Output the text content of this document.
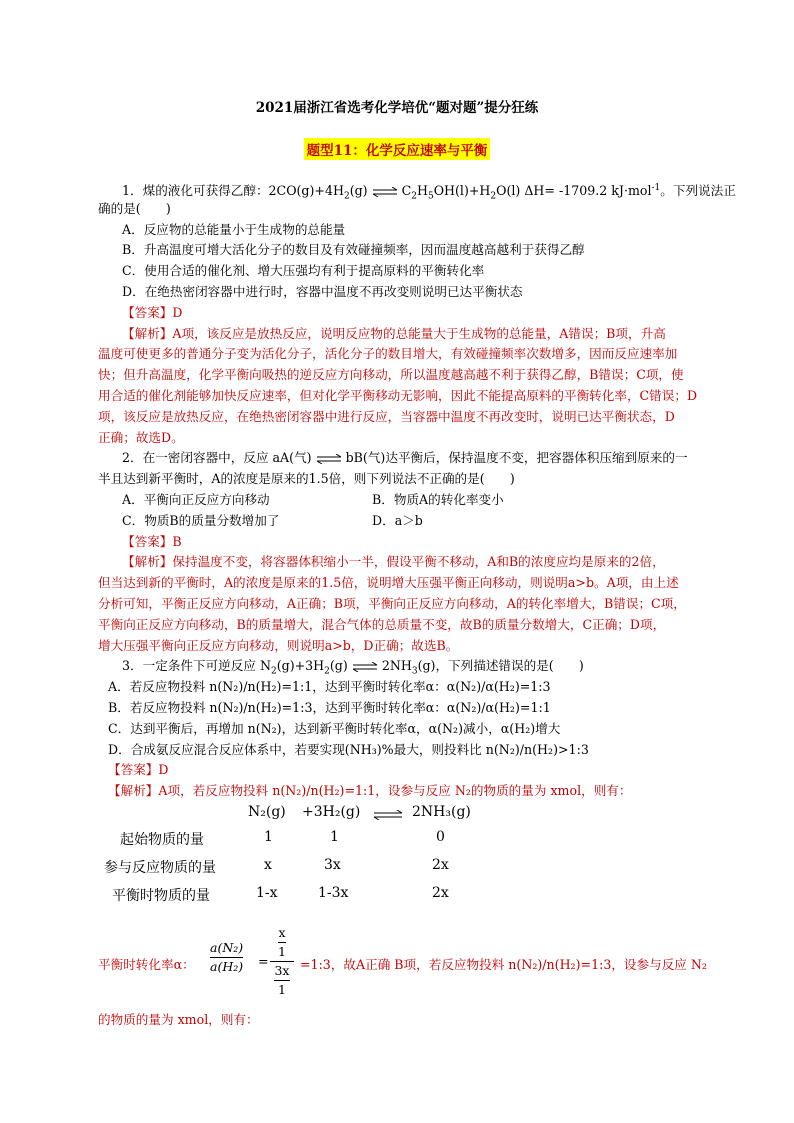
2021届浙江省选考化学培优“题对题”提分狂练
题型11：化学反应速率与平衡
1．煤的液化可获得乙醇：$2CO(g)+4H_2(g)$ ⇌ $C_2H_5OH(l)+H_2O(l)$ ΔH= -1709.2 kJ·mol$^{-1}$。下列说法正
确的是(　　)
A．反应物的总能量小于生成物的总能量
B．升高温度可增大活化分子的数目及有效碰撞频率，因而温度越高越利于获得乙醇
C．使用合适的催化剂、增大压强均有利于提高原料的平衡转化率
D．在绝热密闭容器中进行时，容器中温度不再改变则说明已达平衡状态
【答案】D
【解析】A项，该反应是放热反应，说明反应物的总能量大于生成物的总能量，A错误；B项，升高
温度可使更多的普通分子变为活化分子，活化分子的数目增大，有效碰撞频率次数增多，因而反应速率加
快；但升高温度，化学平衡向吸热的逆反应方向移动，所以温度越高越不利于获得乙醇，B错误；C项，使
用合适的催化剂能够加快反应速率，但对化学平衡移动无影响，因此不能提高原料的平衡转化率，C错误；D
项，该反应是放热反应，在绝热密闭容器中进行反应，当容器中温度不再改变时，说明已达平衡状态，D
正确；故选D。
2．在一密闭容器中，反应 aA(气) ⇌ bB(气)达平衡后，保持温度不变，把容器体积压缩到原来的一
半且达到新平衡时，A的浓度是原来的1.5倍，则下列说法不正确的是(　　)
A．平衡向正反应方向移动	B．物质A的转化率变小
C．物质B的质量分数增加了	D．a＞b
【答案】B
【解析】保持温度不变，将容器体积缩小一半，假设平衡不移动，A和B的浓度应均是原来的2倍，
但当达到新的平衡时，A的浓度是原来的1.5倍，说明增大压强平衡正向移动，则说明a>b。A项，由上述
分析可知，平衡正反应方向移动，A正确；B项，平衡向正反应方向移动，A的转化率增大，B错误；C项，
平衡向正反应方向移动，B的质量增大，混合气体的总质量不变，故B的质量分数增大，C正确；D项，
增大压强平衡向正反应方向移动，则说明a>b，D正确；故选B。
3．一定条件下可逆反应 $N_2(g)+3H_2(g)$ ⇌ $2NH_3(g)$，下列描述错误的是(　　)
A．若反应物投料 n(N₂)/n(H₂)=1:1，达到平衡时转化率α：α(N₂)/α(H₂)=1:3
B．若反应物投料 n(N₂)/n(H₂)=1:3，达到平衡时转化率α：α(N₂)/α(H₂)=1:1
C．达到平衡后，再增加 n(N₂)，达到新平衡时转化率α，α(N₂)减小，α(H₂)增大
D．合成氨反应混合反应体系中，若要实现(NH₃)%最大，则投料比 n(N₂)/n(H₂)>1:3
【答案】D
【解析】A项，若反应物投料 n(N₂)/n(H₂)=1:1，设参与反应 N₂的物质的量为 xmol，则有：
N₂(g) +3H₂(g) ⇌ 2NH₃(g)
起始物质的量	1	1	0
参与反应物质的量	x	3x	2x
平衡时物质的量	1-x	1-3x	2x
平衡时转化率α：
a(N₂)
a(H₂) =
$\frac{x}{1}$
$\frac{3x}{1}$ =1:3，故A正确 B项，若反应物投料 n(N₂)/n(H₂)=1:3，设参与反应 N₂
的物质的量为 xmol，则有：
